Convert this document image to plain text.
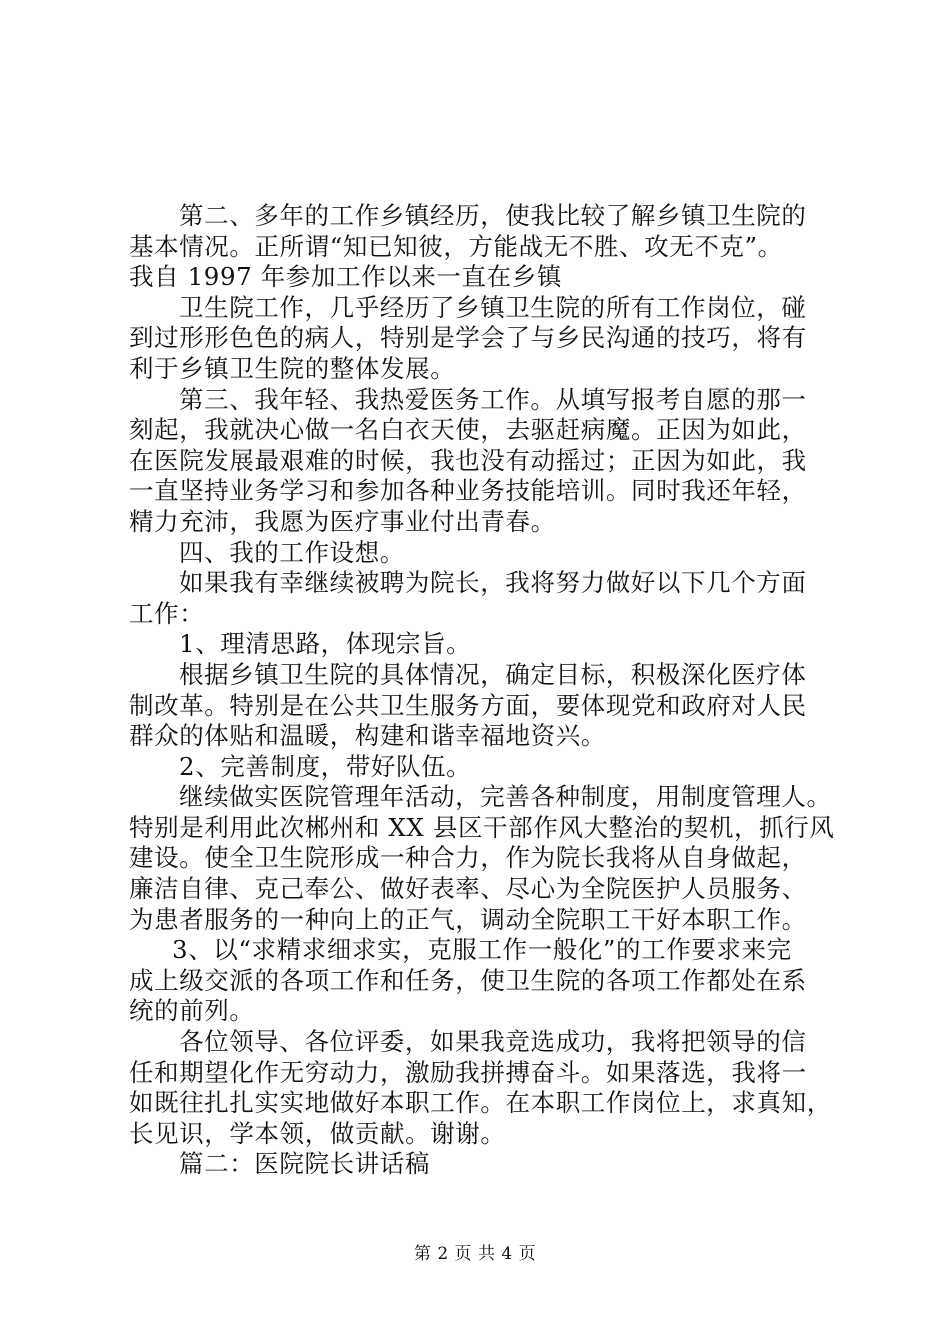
第二、多年的工作乡镇经历，使我比较了解乡镇卫生院的
基本情况。正所谓“知已知彼，方能战无不胜、攻无不克”。
我自 1997 年参加工作以来一直在乡镇
卫生院工作，几乎经历了乡镇卫生院的所有工作岗位，碰
到过形形色色的病人，特别是学会了与乡民沟通的技巧，将有
利于乡镇卫生院的整体发展。
第三、我年轻、我热爱医务工作。从填写报考自愿的那一
刻起，我就决心做一名白衣天使，去驱赶病魔。正因为如此，
在医院发展最艰难的时候，我也没有动摇过；正因为如此，我
一直坚持业务学习和参加各种业务技能培训。同时我还年轻，
精力充沛，我愿为医疗事业付出青春。
四、我的工作设想。
如果我有幸继续被聘为院长，我将努力做好以下几个方面
工作：
1、理清思路，体现宗旨。
根据乡镇卫生院的具体情况，确定目标，积极深化医疗体
制改革。特别是在公共卫生服务方面，要体现党和政府对人民
群众的体贴和温暖，构建和谐幸福地资兴。
2、完善制度，带好队伍。
继续做实医院管理年活动，完善各种制度，用制度管理人。
特别是利用此次郴州和 XX 县区干部作风大整治的契机，抓行风
建设。使全卫生院形成一种合力，作为院长我将从自身做起，
廉洁自律、克己奉公、做好表率、尽心为全院医护人员服务、
为患者服务的一种向上的正气，调动全院职工干好本职工作。
3、以“求精求细求实，克服工作一般化”的工作要求来完
成上级交派的各项工作和任务，使卫生院的各项工作都处在系
统的前列。
各位领导、各位评委，如果我竞选成功，我将把领导的信
任和期望化作无穷动力，激励我拼搏奋斗。如果落选，我将一
如既往扎扎实实地做好本职工作。在本职工作岗位上，求真知，
长见识，学本领，做贡献。谢谢。
篇二：医院院长讲话稿
第 2 页 共 4 页
